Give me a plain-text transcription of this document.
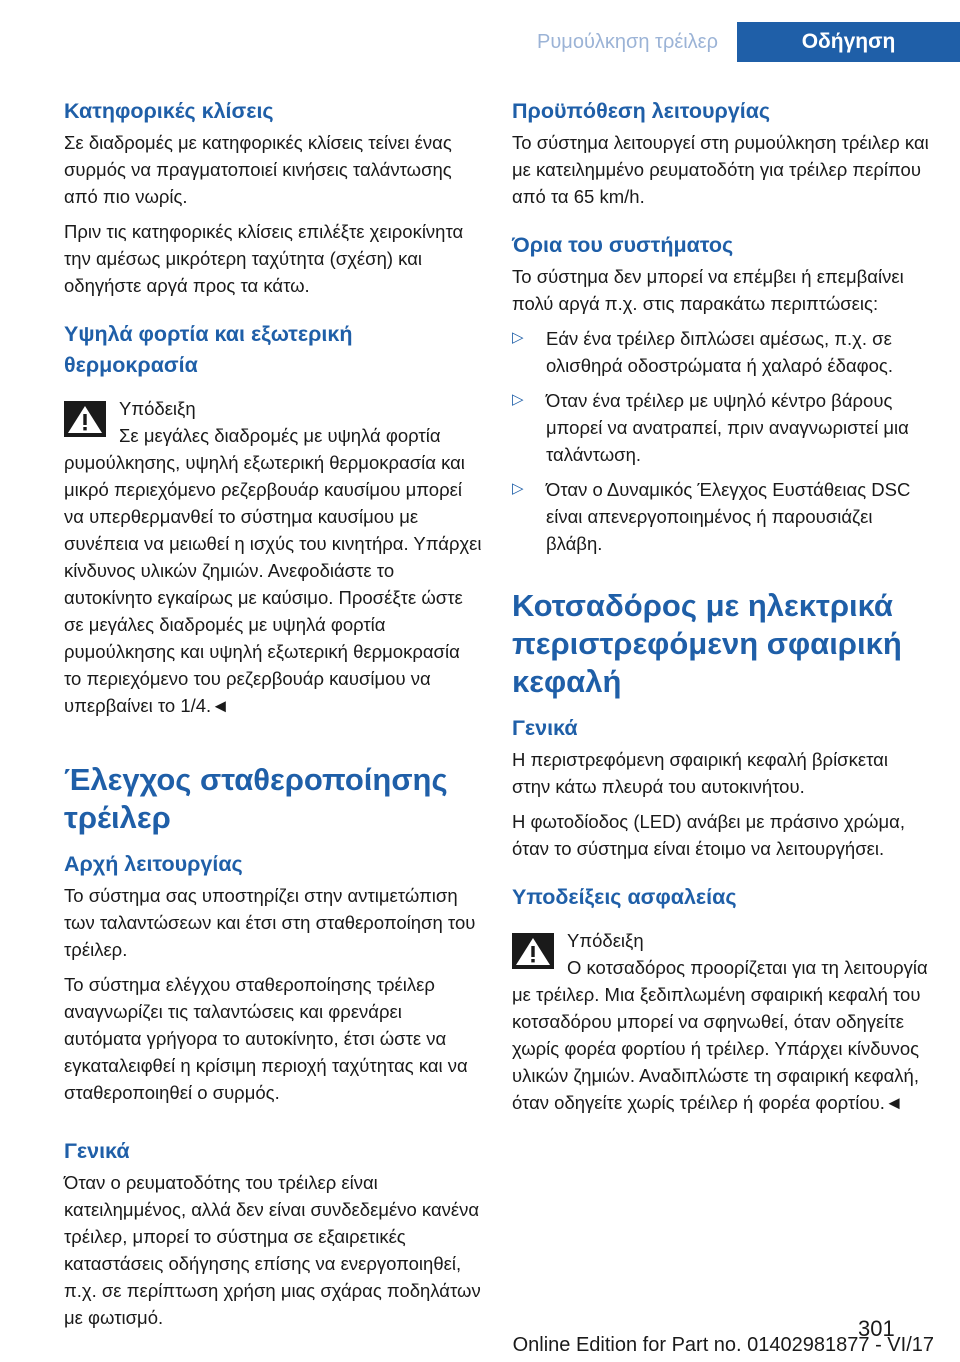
Ρυμούλκηση τρέιλερ	Οδήγηση
Κατηφορικές κλίσεις
Σε διαδρομές με κατηφορικές κλίσεις τείνει ένας συρμός να πραγματοποιεί κινήσεις ταλάντωσης από πιο νωρίς.
Πριν τις κατηφορικές κλίσεις επιλέξτε χειροκίνητα την αμέσως μικρότερη ταχύτητα (σχέση) και οδηγήστε αργά προς τα κάτω.
Υψηλά φορτία και εξωτερική θερμοκρασία
Υπόδειξη
Σε μεγάλες διαδρομές με υψηλά φορτία ρυμούλκησης, υψηλή εξωτερική θερμοκρασία και μικρό περιεχόμενο ρεζερβουάρ καυσίμου μπορεί να υπερθερμανθεί το σύστημα καυσίμου με συνέπεια να μειωθεί η ισχύς του κινητήρα. Υπάρχει κίνδυνος υλικών ζημιών. Ανεφοδιάστε το αυτοκίνητο εγκαίρως με καύσιμο. Προσέξτε ώστε σε μεγάλες διαδρομές με υψηλά φορτία ρυμούλκησης και υψηλή εξωτερική θερμοκρασία το περιεχόμενο του ρεζερβουάρ καυσίμου να υπερβαίνει το 1/4.◄
Έλεγχος σταθεροποίησης τρέιλερ
Αρχή λειτουργίας
Το σύστημα σας υποστηρίζει στην αντιμετώπιση των ταλαντώσεων και έτσι στη σταθεροποίηση του τρέιλερ.
Το σύστημα ελέγχου σταθεροποίησης τρέιλερ αναγνωρίζει τις ταλαντώσεις και φρενάρει αυτόματα γρήγορα το αυτοκίνητο, έτσι ώστε να εγκαταλειφθεί η κρίσιμη περιοχή ταχύτητας και να σταθεροποιηθεί ο συρμός.
Γενικά
Όταν ο ρευματοδότης του τρέιλερ είναι κατειλημμένος, αλλά δεν είναι συνδεδεμένο κανένα τρέιλερ, μπορεί το σύστημα σε εξαιρετικές καταστάσεις οδήγησης επίσης να ενεργοποιηθεί, π.χ. σε περίπτωση χρήση μιας σχάρας ποδηλάτων με φωτισμό.
Προϋπόθεση λειτουργίας
Το σύστημα λειτουργεί στη ρυμούλκηση τρέιλερ και με κατειλημμένο ρευματοδότη για τρέιλερ περίπου από τα 65 km/h.
Όρια του συστήματος
Το σύστημα δεν μπορεί να επέμβει ή επεμβαίνει πολύ αργά π.χ. στις παρακάτω περιπτώσεις:
▷ Εάν ένα τρέιλερ διπλώσει αμέσως, π.χ. σε ολισθηρά οδοστρώματα ή χαλαρό έδαφος.
▷ Όταν ένα τρέιλερ με υψηλό κέντρο βάρους μπορεί να ανατραπεί, πριν αναγνωριστεί μια ταλάντωση.
▷ Όταν ο Δυναμικός Έλεγχος Ευστάθειας DSC είναι απενεργοποιημένος ή παρουσιάζει βλάβη.
Κοτσαδόρος με ηλεκτρικά περιστρεφόμενη σφαιρική κεφαλή
Γενικά
Η περιστρεφόμενη σφαιρική κεφαλή βρίσκεται στην κάτω πλευρά του αυτοκινήτου.
Η φωτοδίοδος (LED) ανάβει με πράσινο χρώμα, όταν το σύστημα είναι έτοιμο να λειτουργήσει.
Υποδείξεις ασφαλείας
Υπόδειξη
Ο κοτσαδόρος προορίζεται για τη λειτουργία με τρέιλερ. Μια ξεδιπλωμένη σφαιρική κεφαλή του κοτσαδόρου μπορεί να σφηνωθεί, όταν οδηγείτε χωρίς φορέα φορτίου ή τρέιλερ. Υπάρχει κίνδυνος υλικών ζημιών. Αναδιπλώστε τη σφαιρική κεφαλή, όταν οδηγείτε χωρίς τρέιλερ ή φορέα φορτίου.◄
301
Online Edition for Part no. 01402981877 - VI/17
